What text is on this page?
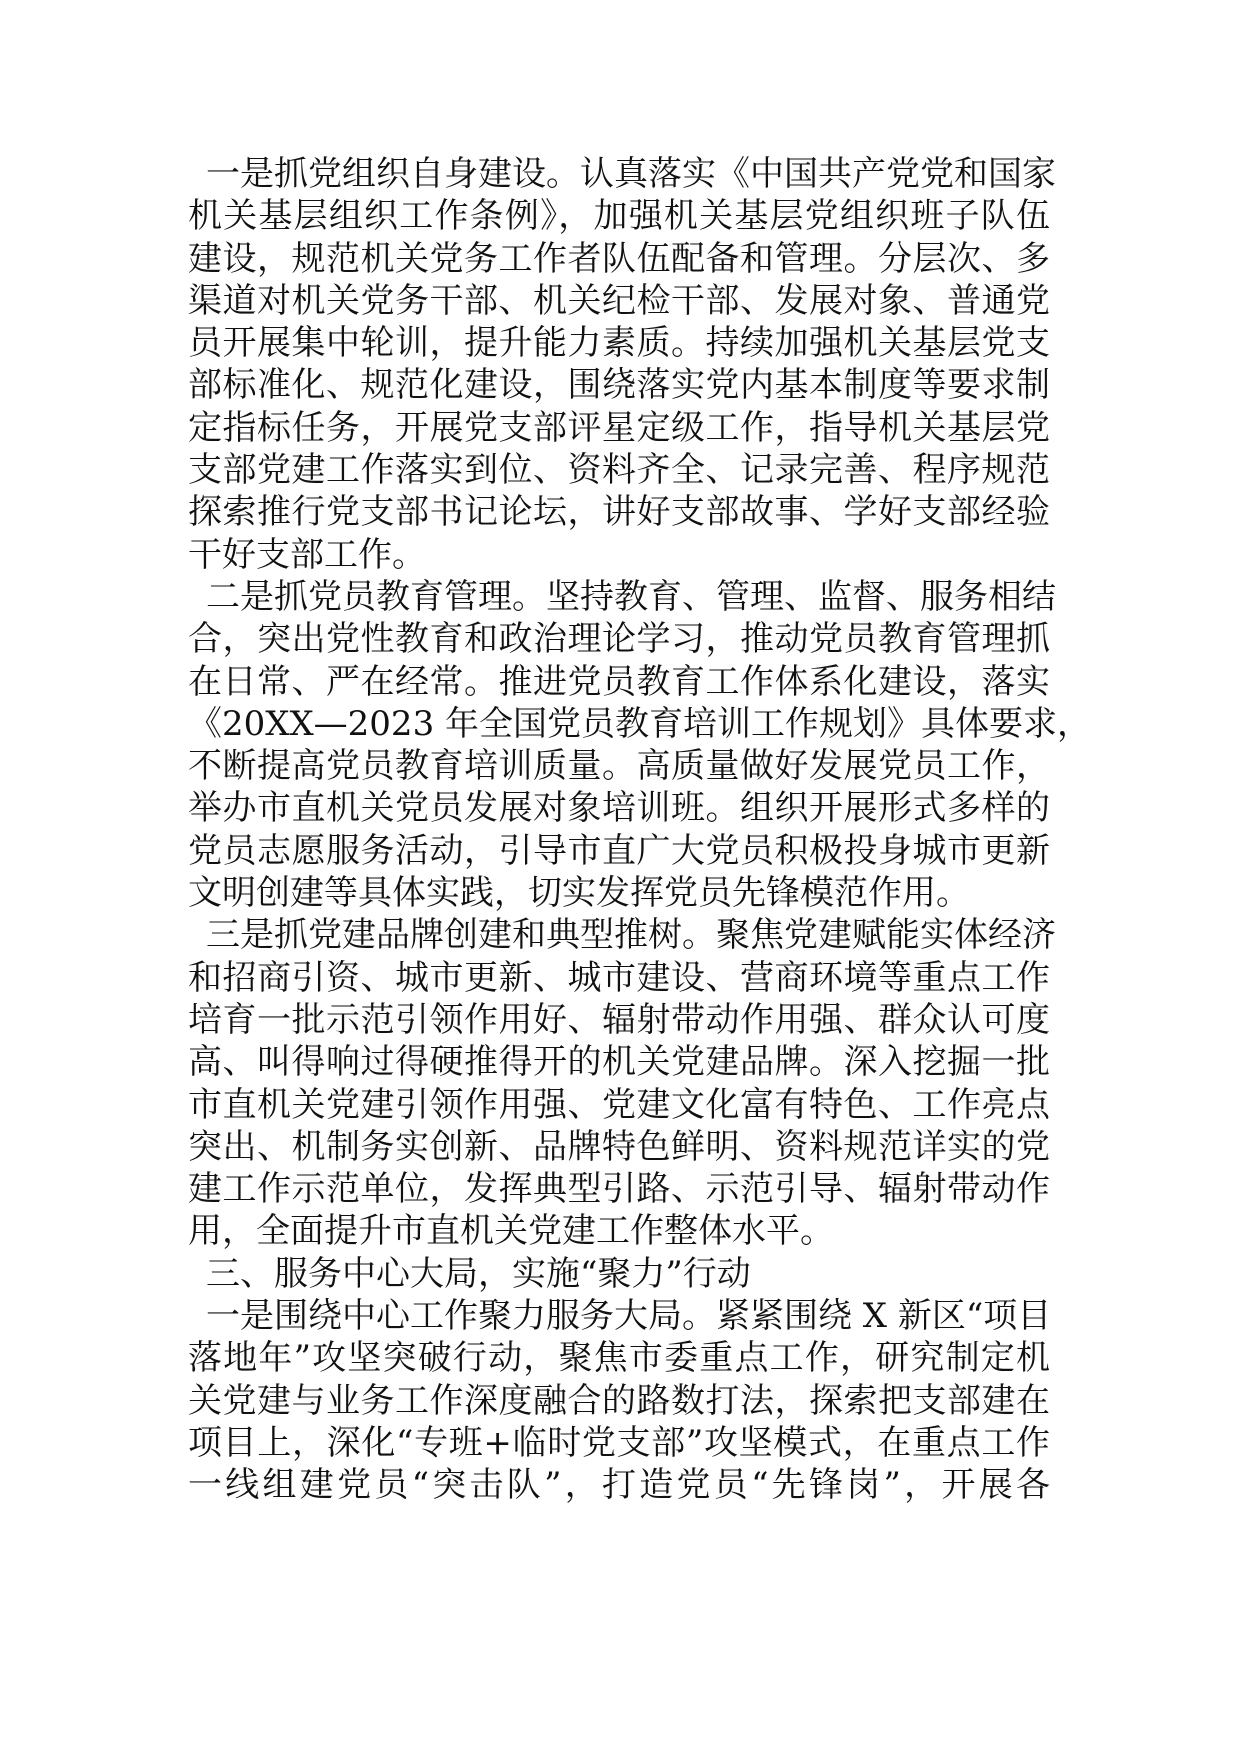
一是抓党组织自身建设。认真落实《中国共产党党和国家
机关基层组织工作条例》，加强机关基层党组织班子队伍
建设，规范机关党务工作者队伍配备和管理。分层次、多
渠道对机关党务干部、机关纪检干部、发展对象、普通党
员开展集中轮训，提升能力素质。持续加强机关基层党支
部标准化、规范化建设，围绕落实党内基本制度等要求制
定指标任务，开展党支部评星定级工作，指导机关基层党
支部党建工作落实到位、资料齐全、记录完善、程序规范
探索推行党支部书记论坛，讲好支部故事、学好支部经验
干好支部工作。
二是抓党员教育管理。坚持教育、管理、监督、服务相结
合，突出党性教育和政治理论学习，推动党员教育管理抓
在日常、严在经常。推进党员教育工作体系化建设，落实
《20XX—2023 年全国党员教育培训工作规划》具体要求，
不断提高党员教育培训质量。高质量做好发展党员工作，
举办市直机关党员发展对象培训班。组织开展形式多样的
党员志愿服务活动，引导市直广大党员积极投身城市更新
文明创建等具体实践，切实发挥党员先锋模范作用。
三是抓党建品牌创建和典型推树。聚焦党建赋能实体经济
和招商引资、城市更新、城市建设、营商环境等重点工作
培育一批示范引领作用好、辐射带动作用强、群众认可度
高、叫得响过得硬推得开的机关党建品牌。深入挖掘一批
市直机关党建引领作用强、党建文化富有特色、工作亮点
突出、机制务实创新、品牌特色鲜明、资料规范详实的党
建工作示范单位，发挥典型引路、示范引导、辐射带动作
用，全面提升市直机关党建工作整体水平。
三、服务中心大局，实施“聚力”行动
一是围绕中心工作聚力服务大局。紧紧围绕 X 新区“项目
落地年”攻坚突破行动，聚焦市委重点工作，研究制定机
关党建与业务工作深度融合的路数打法，探索把支部建在
项目上，深化“专班+临时党支部”攻坚模式，在重点工作
一线组建党员“突击队”，打造党员“先锋岗”，开展各
